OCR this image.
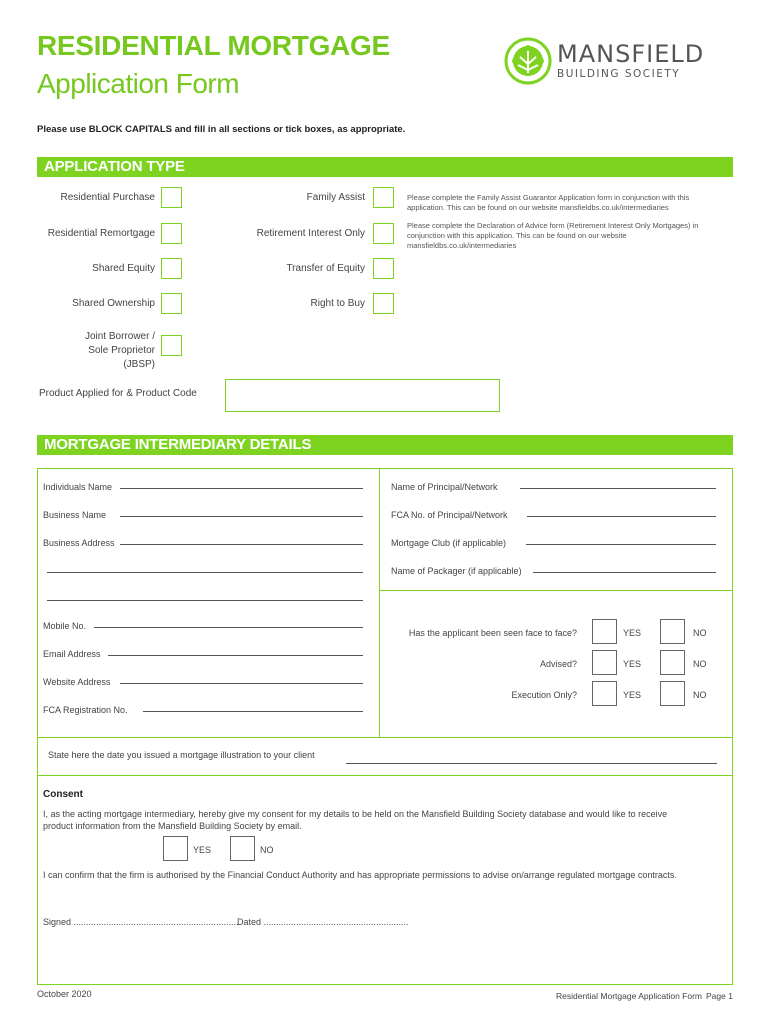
RESIDENTIAL MORTGAGE
Application Form
MANSFIELD
BUILDING SOCIETY
Please use BLOCK CAPITALS and fill in all sections or tick boxes, as appropriate.
APPLICATION TYPE
Residential Purchase
Residential Remortgage
Shared Equity
Shared Ownership
Joint Borrower /
Sole Proprietor
(JBSP)
Family Assist
Retirement Interest Only
Transfer of Equity
Right to Buy
Please complete the Family Assist Guarantor Application form in conjunction with this application. This can be found on our website mansfieldbs.co.uk/intermediaries
Please complete the Declaration of Advice form (Retirement Interest Only Mortgages) in conjunction with this application. This can be found on our website mansfieldbs.co.uk/intermediaries
Product Applied for & Product Code
MORTGAGE INTERMEDIARY DETAILS
Individuals Name
Business Name
Business Address
Mobile No.
Email Address
Website Address
FCA Registration No.
Name of Principal/Network
FCA No. of Principal/Network
Mortgage Club (if applicable)
Name of Packager (if applicable)
Has the applicant been seen face to face?	YES	NO
Advised?	YES	NO
Execution Only?	YES	NO
State here the date you issued a mortgage illustration to your client
Consent
I, as the acting mortgage intermediary, hereby give my consent for my details to be held on the Mansfield Building Society database and would like to receive
product information from the Mansfield Building Society by email.
YES	NO
I can confirm that the firm is authorised by the Financial Conduct Authority and has appropriate permissions to advise on/arrange regulated mortgage contracts.
Signed ..................................................................
Dated ..........................................................
October 2020	Residential Mortgage Application Form Page 1
